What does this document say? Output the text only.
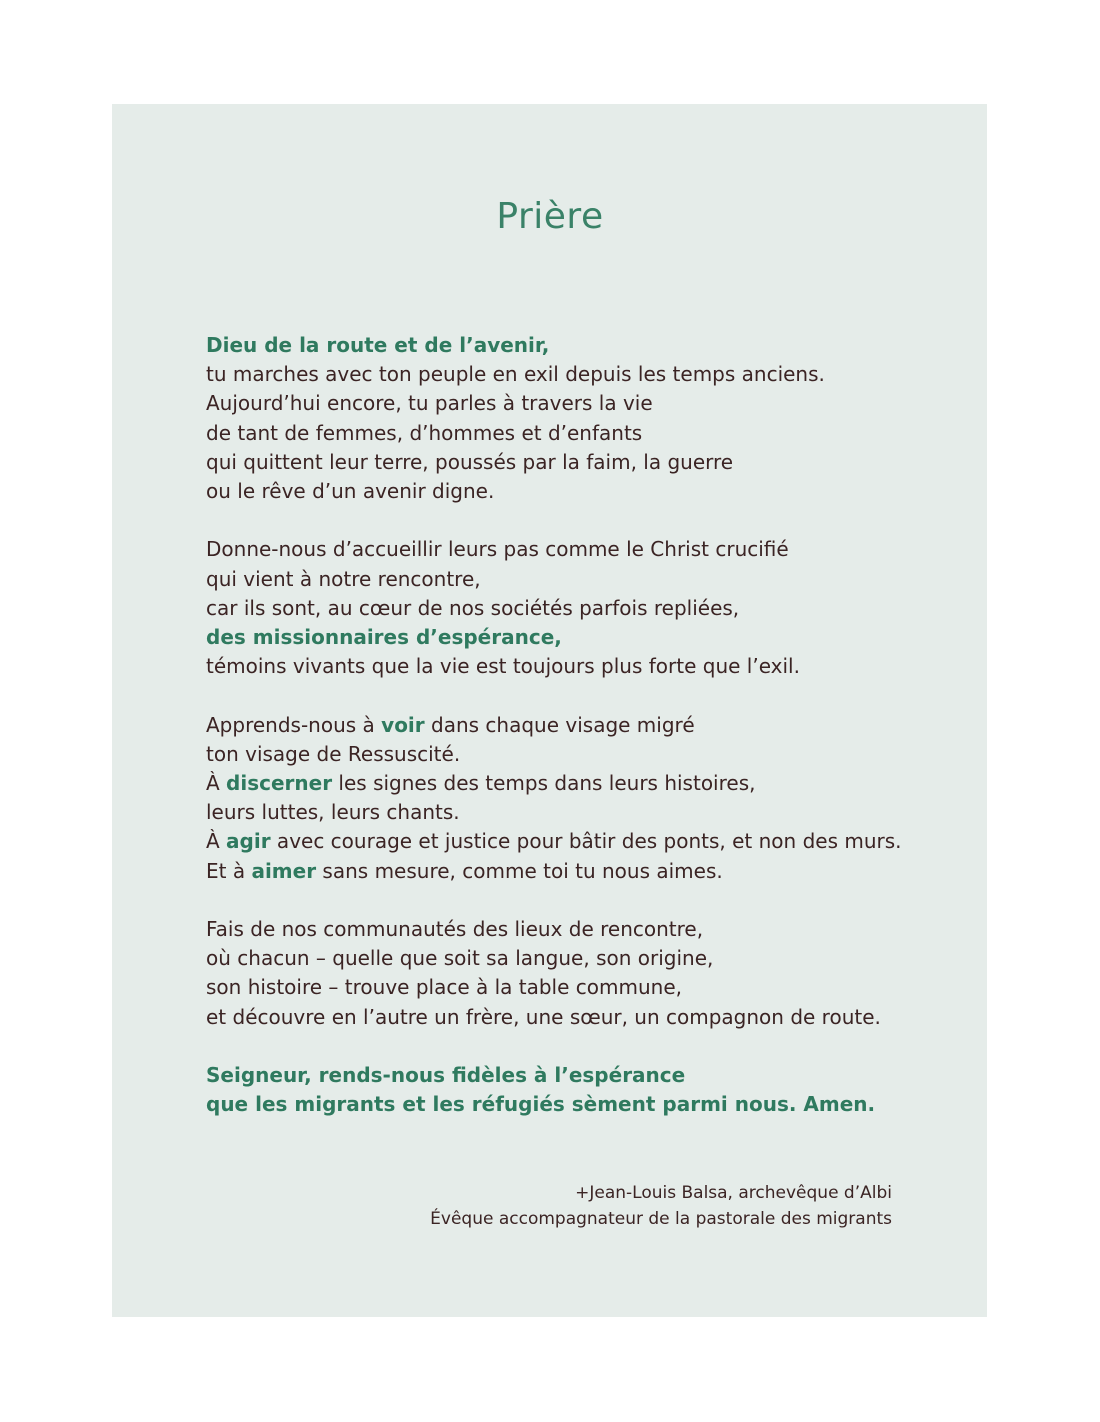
Prière

Dieu de la route et de l’avenir,
tu marches avec ton peuple en exil depuis les temps anciens.
Aujourd’hui encore, tu parles à travers la vie
de tant de femmes, d’hommes et d’enfants
qui quittent leur terre, poussés par la faim, la guerre
ou le rêve d’un avenir digne.

Donne-nous d’accueillir leurs pas comme le Christ crucifié
qui vient à notre rencontre,
car ils sont, au cœur de nos sociétés parfois repliées,
des missionnaires d’espérance,
témoins vivants que la vie est toujours plus forte que l’exil.

Apprends-nous à voir dans chaque visage migré
ton visage de Ressuscité.
À discerner les signes des temps dans leurs histoires,
leurs luttes, leurs chants.
À agir avec courage et justice pour bâtir des ponts, et non des murs.
Et à aimer sans mesure, comme toi tu nous aimes.

Fais de nos communautés des lieux de rencontre,
où chacun – quelle que soit sa langue, son origine,
son histoire – trouve place à la table commune,
et découvre en l’autre un frère, une sœur, un compagnon de route.

Seigneur, rends-nous fidèles à l’espérance
que les migrants et les réfugiés sèment parmi nous. Amen.

+Jean-Louis Balsa, archevêque d’Albi
Évêque accompagnateur de la pastorale des migrants
